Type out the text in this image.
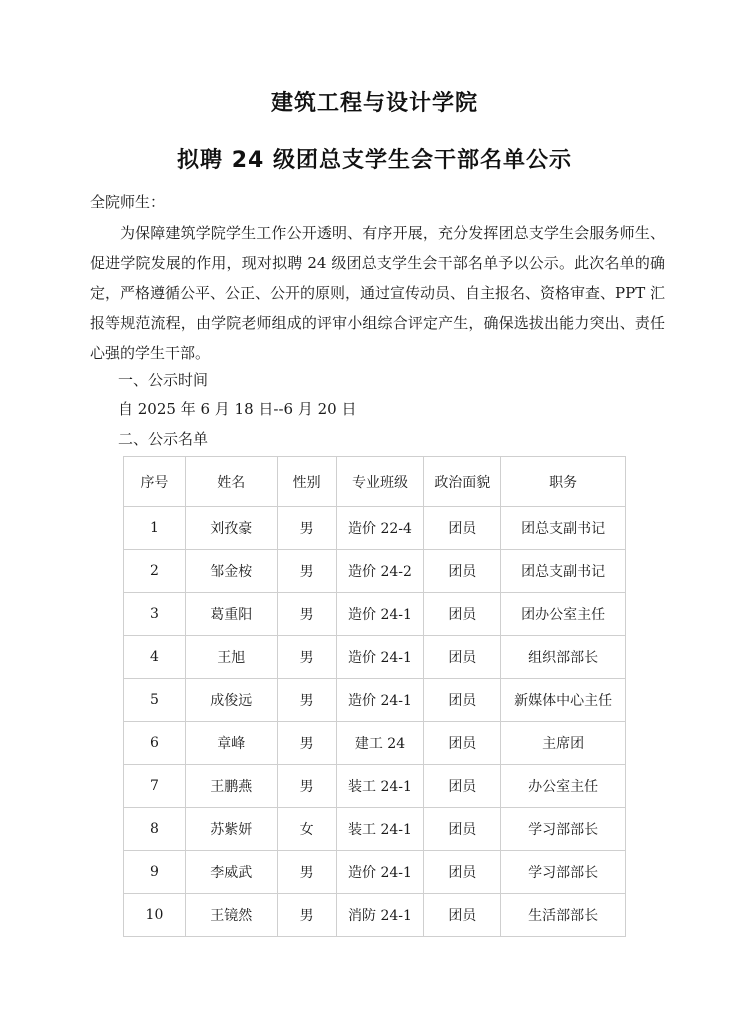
建筑工程与设计学院
拟聘 24 级团总支学生会干部名单公示
全院师生：
为保障建筑学院学生工作公开透明、有序开展，充分发挥团总支学生会服务师生、促进学院发展的作用，现对拟聘 24 级团总支学生会干部名单予以公示。此次名单的确定，严格遵循公平、公正、公开的原则，通过宣传动员、自主报名、资格审查、PPT 汇报等规范流程，由学院老师组成的评审小组综合评定产生，确保选拔出能力突出、责任心强的学生干部。
一、公示时间
自 2025 年 6 月 18 日--6 月 20 日
二、公示名单
序号	姓名	性别	专业班级	政治面貌	职务
1	刘孜豪	男	造价 22-4	团员	团总支副书记
2	邹金桉	男	造价 24-2	团员	团总支副书记
3	葛重阳	男	造价 24-1	团员	团办公室主任
4	王旭	男	造价 24-1	团员	组织部部长
5	成俊远	男	造价 24-1	团员	新媒体中心主任
6	章峰	男	建工 24	团员	主席团
7	王鹏燕	男	装工 24-1	团员	办公室主任
8	苏紫妍	女	装工 24-1	团员	学习部部长
9	李威武	男	造价 24-1	团员	学习部部长
10	王镜然	男	消防 24-1	团员	生活部部长
